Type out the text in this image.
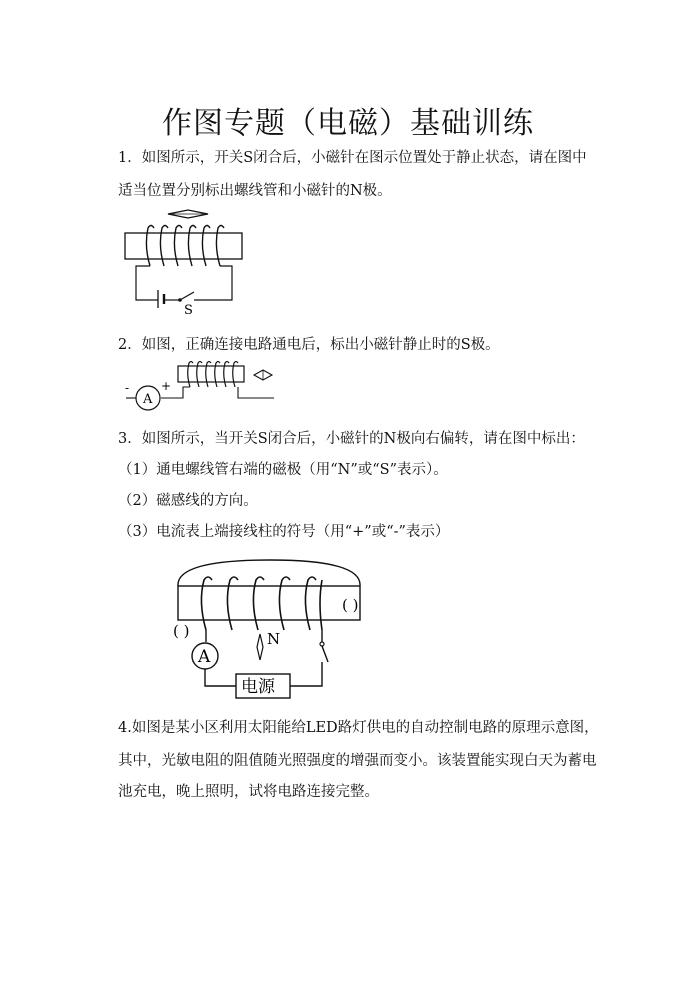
作图专题（电磁）基础训练
1．如图所示，开关S闭合后，小磁针在图示位置处于静止状态，请在图中
适当位置分别标出螺线管和小磁针的N极。
S
2．如图，正确连接电路通电后，标出小磁针静止时的S极。
A
-	+
3．如图所示，当开关S闭合后，小磁针的N极向右偏转，请在图中标出：
（1）通电螺线管右端的磁极（用“N”或“S”表示）。
（2）磁感线的方向。
（3）电流表上端接线柱的符号（用“+”或“-”表示）
( )
( )	N
A
电源
4.如图是某小区利用太阳能给LED路灯供电的自动控制电路的原理示意图，
其中，光敏电阻的阻值随光照强度的增强而变小。该装置能实现白天为蓄电
池充电，晚上照明，试将电路连接完整。
